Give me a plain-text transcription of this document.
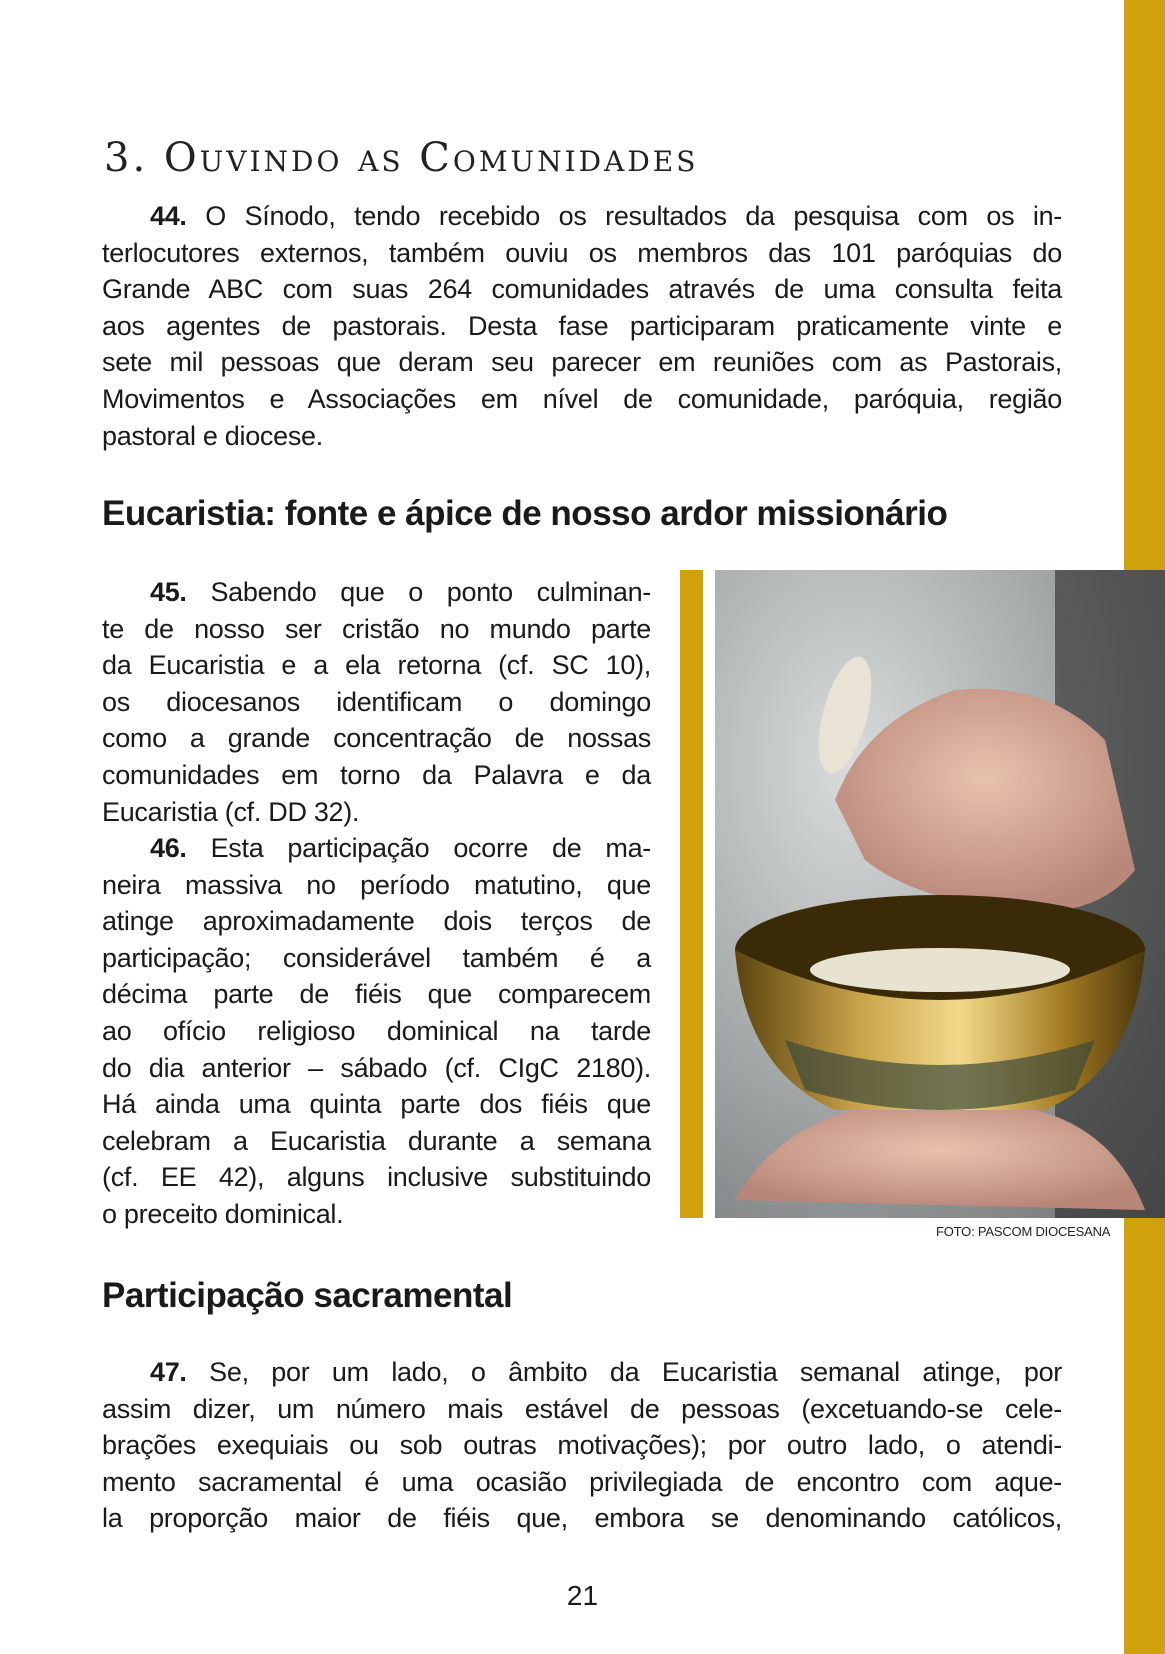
3. Ouvindo as Comunidades
44. O Sínodo, tendo recebido os resultados da pesquisa com os in-
terlocutores externos, também ouviu os membros das 101 paróquias do
Grande ABC com suas 264 comunidades através de uma consulta feita
aos agentes de pastorais. Desta fase participaram praticamente vinte e
sete mil pessoas que deram seu parecer em reuniões com as Pastorais,
Movimentos e Associações em nível de comunidade, paróquia, região
pastoral e diocese.
Eucaristia: fonte e ápice de nosso ardor missionário
45. Sabendo que o ponto culminan-
te de nosso ser cristão no mundo parte
da Eucaristia e a ela retorna (cf. SC 10),
os diocesanos identificam o domingo
como a grande concentração de nossas
comunidades em torno da Palavra e da
Eucaristia (cf. DD 32).
46. Esta participação ocorre de ma-
neira massiva no período matutino, que
atinge aproximadamente dois terços de
participação; considerável também é a
décima parte de fiéis que comparecem
ao ofício religioso dominical na tarde
do dia anterior – sábado (cf. CIgC 2180).
Há ainda uma quinta parte dos fiéis que
celebram a Eucaristia durante a semana
(cf. EE 42), alguns inclusive substituindo
o preceito dominical.
FOTO: PASCOM DIOCESANA
Participação sacramental
47. Se, por um lado, o âmbito da Eucaristia semanal atinge, por
assim dizer, um número mais estável de pessoas (excetuando-se cele-
brações exequiais ou sob outras motivações); por outro lado, o atendi-
mento sacramental é uma ocasião privilegiada de encontro com aque-
la proporção maior de fiéis que, embora se denominando católicos,
21
